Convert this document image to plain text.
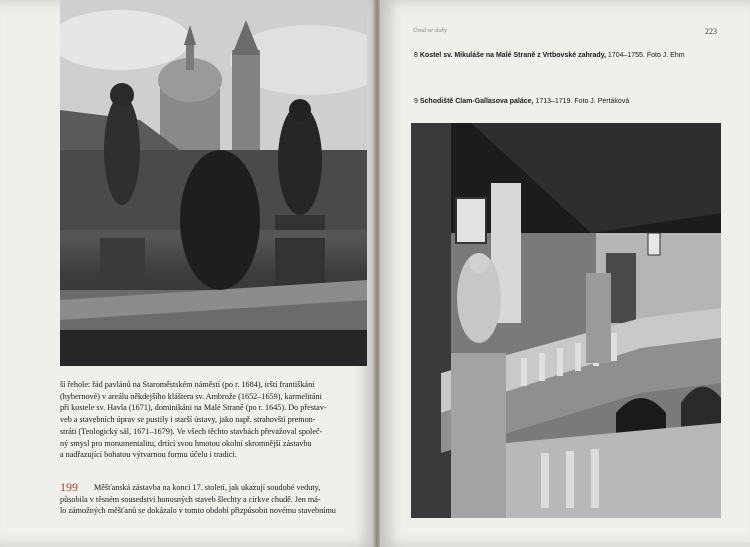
Úvod ve slohy	223
8 Kostel sv. Mikuláše na Malé Straně z Vrtbovské zahrady, 1704–1755. Foto J. Ehm
9 Schodiště Clam-Gallasova paláce, 1713–1719. Foto J. Pertáková
ší řehole: řád pavlánů na Staroměstském náměstí (po r. 1684), irští františkáni
(hybernové) v areálu někdejšího kláštera sv. Ambrože (1652–1659), karmelitáni
při kostele sv. Havla (1671), dominikáni na Malé Straně (po r. 1645). Do přestav-
veb a stavebních úprav se pustily i starší ústavy, jako např. strahovští premon-
stráti (Teologický sál, 1671–1679). Ve všech těchto stavbách převažoval společ-
ný smysl pro monumentalitu, drtící svou hmotou okolní skromnější zástavbu
a nadřazující bohatou výtvarnou formu účelu i tradici.
199	Měšťanská zástavba na konci 17. století, jak ukazují soudobé veduty,
působila v těsném sousedství honosných staveb šlechty a církve chudě. Jen má-
lo zámožných měšťanů se dokázalo v tomto období přizpůsobit novému stavebnímu
